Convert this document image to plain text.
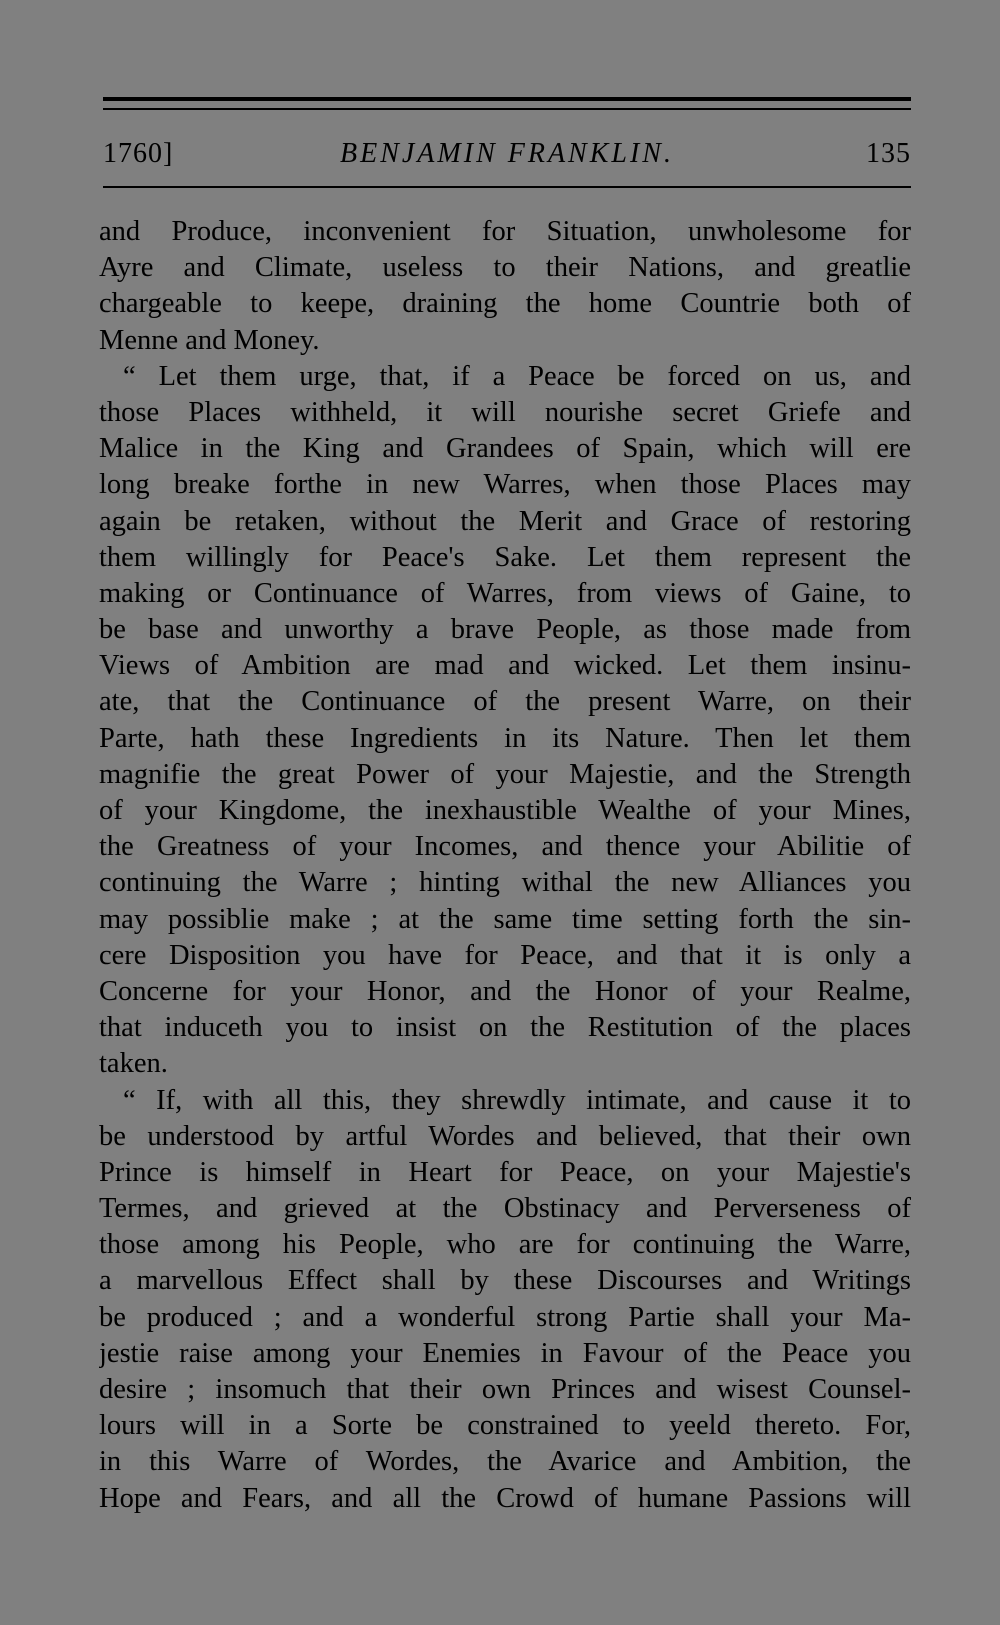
1760]	BENJAMIN FRANKLIN.	135
and Produce, inconvenient for Situation, unwholesome for
Ayre and Climate, useless to their Nations, and greatlie
chargeable to keepe, draining the home Countrie both of
Menne and Money.
“ Let them urge, that, if a Peace be forced on us, and
those Places withheld, it will nourishe secret Griefe and
Malice in the King and Grandees of Spain, which will ere
long breake forthe in new Warres, when those Places may
again be retaken, without the Merit and Grace of restoring
them willingly for Peace's Sake. Let them represent the
making or Continuance of Warres, from views of Gaine, to
be base and unworthy a brave People, as those made from
Views of Ambition are mad and wicked. Let them insinu-
ate, that the Continuance of the present Warre, on their
Parte, hath these Ingredients in its Nature. Then let them
magnifie the great Power of your Majestie, and the Strength
of your Kingdome, the inexhaustible Wealthe of your Mines,
the Greatness of your Incomes, and thence your Abilitie of
continuing the Warre ; hinting withal the new Alliances you
may possiblie make ; at the same time setting forth the sin-
cere Disposition you have for Peace, and that it is only a
Concerne for your Honor, and the Honor of your Realme,
that induceth you to insist on the Restitution of the places
taken.
“ If, with all this, they shrewdly intimate, and cause it to
be understood by artful Wordes and believed, that their own
Prince is himself in Heart for Peace, on your Majestie's
Termes, and grieved at the Obstinacy and Perverseness of
those among his People, who are for continuing the Warre,
a marvellous Effect shall by these Discourses and Writings
be produced ; and a wonderful strong Partie shall your Ma-
jestie raise among your Enemies in Favour of the Peace you
desire ; insomuch that their own Princes and wisest Counsel-
lours will in a Sorte be constrained to yeeld thereto. For,
in this Warre of Wordes, the Avarice and Ambition, the
Hope and Fears, and all the Crowd of humane Passions will
